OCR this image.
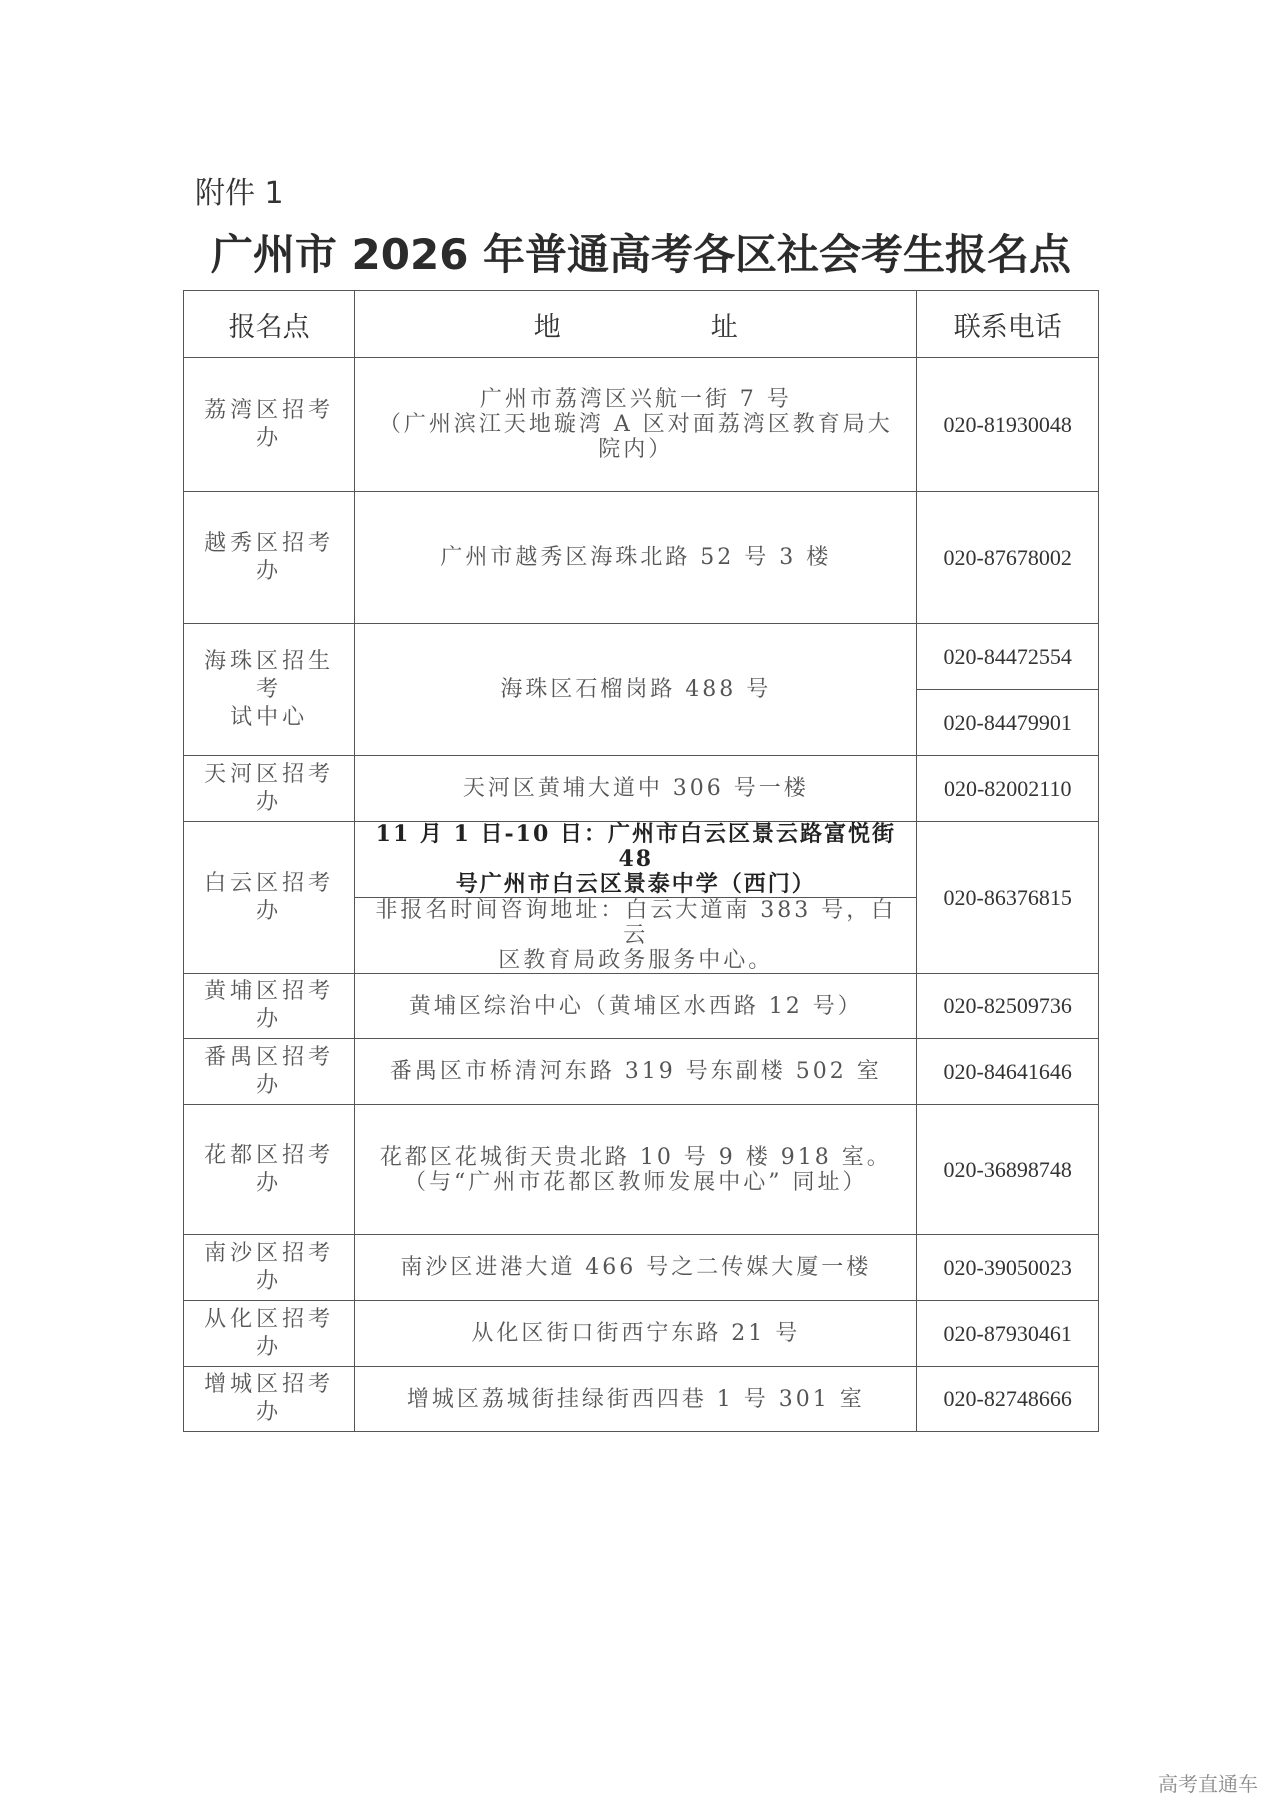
附件 1
广州市 2026 年普通高考各区社会考生报名点
报名点	地 址	联系电话
荔湾区招考办	广州市荔湾区兴航一街 7 号
（广州滨江天地璇湾 A 区对面荔湾区教育局大
院内）	020-81930048
越秀区招考办	广州市越秀区海珠北路 52 号 3 楼	020-87678002

海珠区招生考
试中心	海珠区石榴岗路 488 号	020-84472554
		020-84479901
天河区招考办	天河区黄埔大道中 306 号一楼	020-82002110
白云区招考办	11 月 1 日-10 日：广州市白云区景云路富悦街 48
号广州市白云区景泰中学（西门）	020-86376815

	非报名时间咨询地址：白云大道南 383 号，白云
区教育局政务服务中心。	

黄埔区招考办	黄埔区综治中心（黄埔区水西路 12 号）	020-82509736
番禺区招考办	番禺区市桥清河东路 319 号东副楼 502 室	020-84641646
花都区招考办	花都区花城街天贵北路 10 号 9 楼 918 室。
（与“广州市花都区教师发展中心” 同址）	020-36898748
南沙区招考办	南沙区进港大道 466 号之二传媒大厦一楼	020-39050023
从化区招考办	从化区街口街西宁东路 21 号	020-87930461
增城区招考办	增城区荔城街挂绿街西四巷 1 号 301 室	020-82748666
高考直通车
